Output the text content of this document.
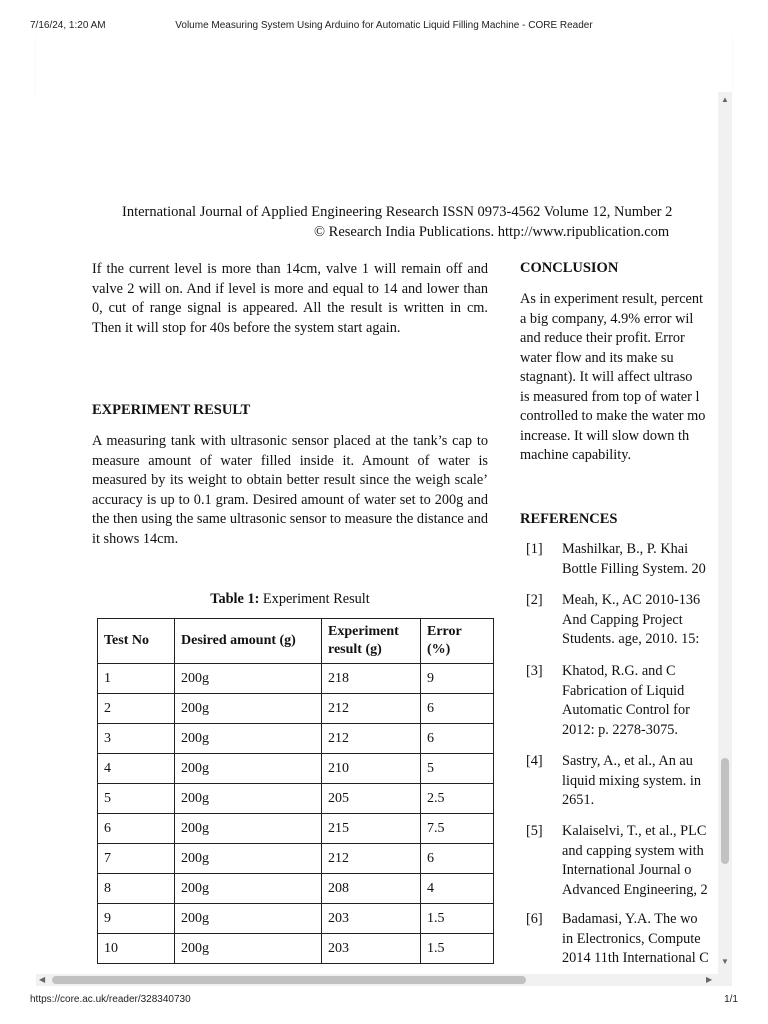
7/16/24, 1:20 AM	Volume Measuring System Using Arduino for Automatic Liquid Filling Machine - CORE Reader
International Journal of Applied Engineering Research ISSN 0973-4562 Volume 12, Number 2
© Research India Publications. http://www.ripublication.com

If the current level is more than 14cm, valve 1 will remain off and valve 2 will on. And if level is more and equal to 14 and lower than 0, cut of range signal is appeared. All the result is written in cm. Then it will stop for 40s before the system start again.

EXPERIMENT RESULT

A measuring tank with ultrasonic sensor placed at the tank’s cap to measure amount of water filled inside it. Amount of water is measured by its weight to obtain better result since the weigh scale’ accuracy is up to 0.1 gram. Desired amount of water set to 200g and the then using the same ultrasonic sensor to measure the distance and it shows 14cm.

Table 1: Experiment Result
Test No	Desired amount (g)	Experiment result (g)	Error (%)
1	200g	218	9
2	200g	212	6
3	200g	212	6
4	200g	210	5
5	200g	205	2.5
6	200g	215	7.5
7	200g	212	6
8	200g	208	4
9	200g	203	1.5
10	200g	203	1.5
CONCLUSION
As in experiment result, percent
a big company, 4.9% error wil
and reduce their profit. Error
water flow and its make su
stagnant). It will affect ultraso
is measured from top of water l
controlled to make the water mo
increase. It will slow down th
machine capability.
REFERENCES
[1] Mashilkar, B., P. Khai
Bottle Filling System. 20
[2] Meah, K., AC 2010-136
And Capping Project
Students. age, 2010. 15:
[3] Khatod, R.G. and C
Fabrication of Liquid
Automatic Control for
2012: p. 2278-3075.
[4] Sastry, A., et al., An au
liquid mixing system. in
2651.
[5] Kalaiselvi, T., et al., PLC
and capping system with
International Journal o
Advanced Engineering, 2
[6] Badamasi, Y.A. The wo
in Electronics, Compute
2014 11th International C
▲
▼
◀	▶
https://core.ac.uk/reader/328340730	1/1
